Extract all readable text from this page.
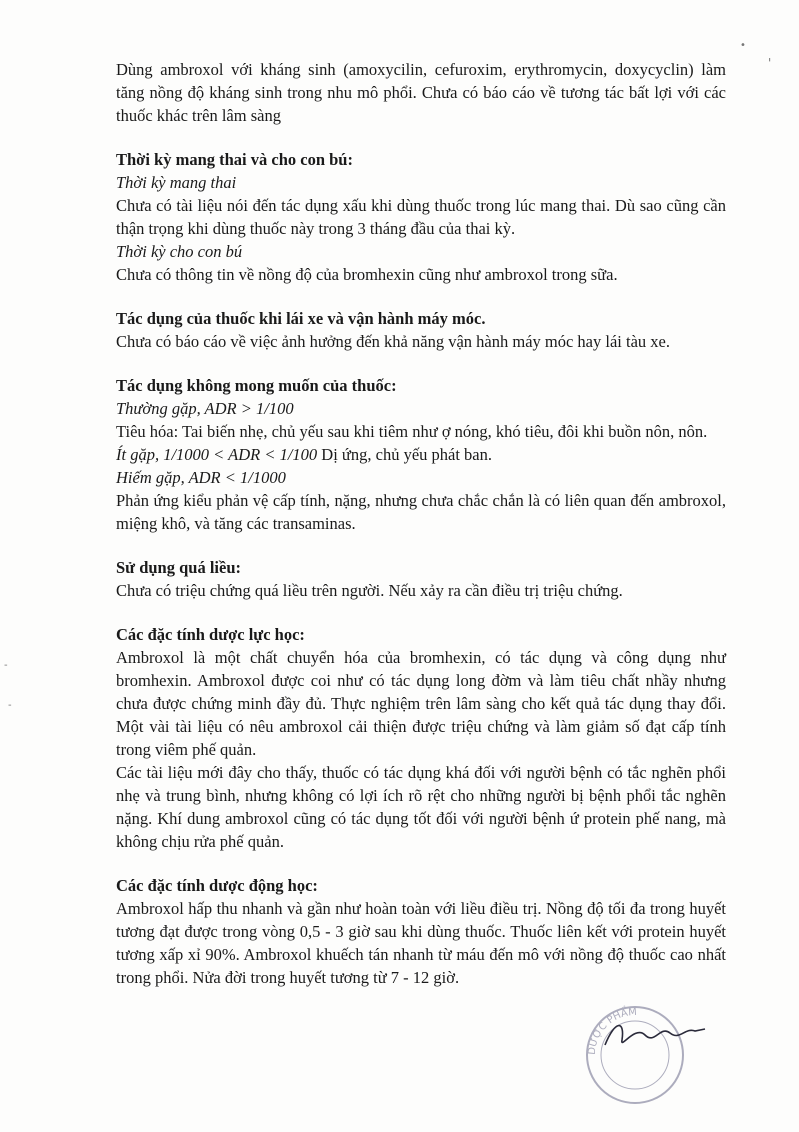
Dùng ambroxol với kháng sinh (amoxycilin, cefuroxim, erythromycin, doxycyclin) làm tăng nồng độ kháng sinh trong nhu mô phổi. Chưa có báo cáo về tương tác bất lợi với các thuốc khác trên lâm sàng

Thời kỳ mang thai và cho con bú:

Thời kỳ mang thai

Chưa có tài liệu nói đến tác dụng xấu khi dùng thuốc trong lúc mang thai. Dù sao cũng cần thận trọng khi dùng thuốc này trong 3 tháng đầu của thai kỳ.

Thời kỳ cho con bú

Chưa có thông tin về nồng độ của bromhexin cũng như ambroxol trong sữa.

Tác dụng của thuốc khi lái xe và vận hành máy móc.

Chưa có báo cáo về việc ảnh hưởng đến khả năng vận hành máy móc hay lái tàu xe.

Tác dụng không mong muốn của thuốc:

Thường gặp, ADR > 1/100

Tiêu hóa: Tai biến nhẹ, chủ yếu sau khi tiêm như ợ nóng, khó tiêu, đôi khi buồn nôn, nôn.

Ít gặp, 1/1000 < ADR < 1/100 Dị ứng, chủ yếu phát ban.

Hiếm gặp, ADR < 1/1000

Phản ứng kiểu phản vệ cấp tính, nặng, nhưng chưa chắc chắn là có liên quan đến ambroxol, miệng khô, và tăng các transaminas.

Sử dụng quá liều:

Chưa có triệu chứng quá liều trên người. Nếu xảy ra cần điều trị triệu chứng.

Các đặc tính dược lực học:

Ambroxol là một chất chuyển hóa của bromhexin, có tác dụng và công dụng như bromhexin. Ambroxol được coi như có tác dụng long đờm và làm tiêu chất nhầy nhưng chưa được chứng minh đầy đủ. Thực nghiệm trên lâm sàng cho kết quả tác dụng thay đổi. Một vài tài liệu có nêu ambroxol cải thiện được triệu chứng và làm giảm số đạt cấp tính trong viêm phế quản.

Các tài liệu mới đây cho thấy, thuốc có tác dụng khá đối với người bệnh có tắc nghẽn phổi nhẹ và trung bình, nhưng không có lợi ích rõ rệt cho những người bị bệnh phổi tắc nghẽn nặng. Khí dung ambroxol cũng có tác dụng tốt đối với người bệnh ứ protein phế nang, mà không chịu rửa phế quản.

Các đặc tính dược động học:

Ambroxol hấp thu nhanh và gần như hoàn toàn với liều điều trị. Nồng độ tối đa trong huyết tương đạt được trong vòng 0,5 - 3 giờ sau khi dùng thuốc. Thuốc liên kết với protein huyết tương xấp xỉ 90%. Ambroxol khuếch tán nhanh từ máu đến mô với nồng độ thuốc cao nhất trong phổi. Nửa đời trong huyết tương từ 7 - 12 giờ.

•
'
-
-
DƯỢC PHẨM
